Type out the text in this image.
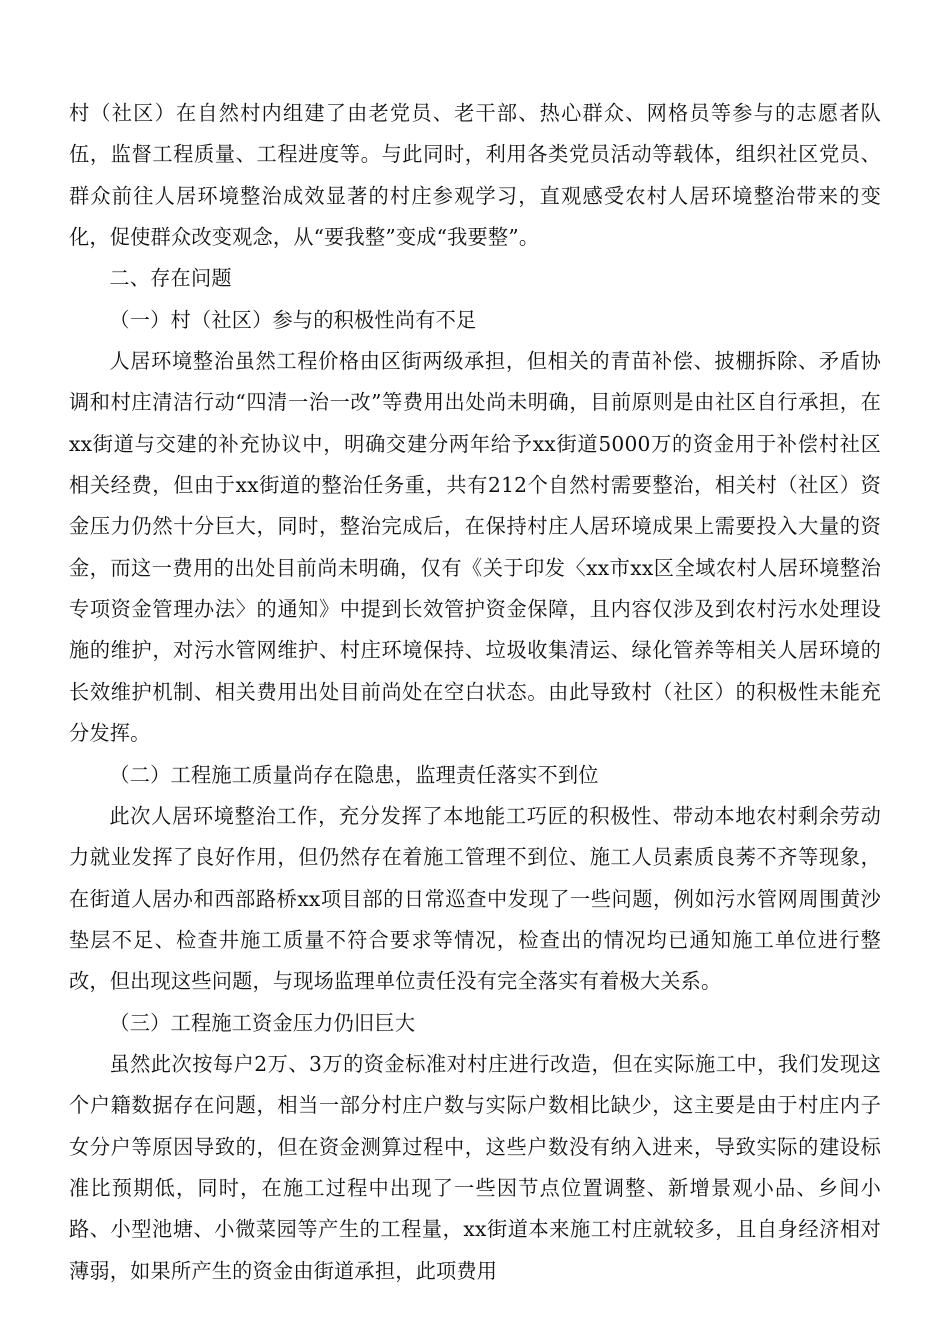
村（社区）在自然村内组建了由老党员、老干部、热心群众、网格员等参与的志愿者队伍，监督工程质量、工程进度等。与此同时，利用各类党员活动等载体，组织社区党员、群众前往人居环境整治成效显著的村庄参观学习，直观感受农村人居环境整治带来的变化，促使群众改变观念，从“要我整”变成“我要整”。

二、存在问题

（一）村（社区）参与的积极性尚有不足

人居环境整治虽然工程价格由区街两级承担，但相关的青苗补偿、披棚拆除、矛盾协调和村庄清洁行动“四清一治一改”等费用出处尚未明确，目前原则是由社区自行承担，在xx街道与交建的补充协议中，明确交建分两年给予xx街道5000万的资金用于补偿村社区相关经费，但由于xx街道的整治任务重，共有212个自然村需要整治，相关村（社区）资金压力仍然十分巨大，同时，整治完成后，在保持村庄人居环境成果上需要投入大量的资金，而这一费用的出处目前尚未明确，仅有《关于印发〈xx市xx区全域农村人居环境整治专项资金管理办法〉的通知》中提到长效管护资金保障，且内容仅涉及到农村污水处理设施的维护，对污水管网维护、村庄环境保持、垃圾收集清运、绿化管养等相关人居环境的长效维护机制、相关费用出处目前尚处在空白状态。由此导致村（社区）的积极性未能充分发挥。

（二）工程施工质量尚存在隐患，监理责任落实不到位

此次人居环境整治工作，充分发挥了本地能工巧匠的积极性、带动本地农村剩余劳动力就业发挥了良好作用，但仍然存在着施工管理不到位、施工人员素质良莠不齐等现象，在街道人居办和西部路桥xx项目部的日常巡查中发现了一些问题，例如污水管网周围黄沙垫层不足、检查井施工质量不符合要求等情况，检查出的情况均已通知施工单位进行整改，但出现这些问题，与现场监理单位责任没有完全落实有着极大关系。

（三）工程施工资金压力仍旧巨大

虽然此次按每户2万、3万的资金标准对村庄进行改造，但在实际施工中，我们发现这个户籍数据存在问题，相当一部分村庄户数与实际户数相比缺少，这主要是由于村庄内子女分户等原因导致的，但在资金测算过程中，这些户数没有纳入进来，导致实际的建设标准比预期低，同时，在施工过程中出现了一些因节点位置调整、新增景观小品、乡间小路、小型池塘、小微菜园等产生的工程量，xx街道本来施工村庄就较多，且自身经济相对薄弱，如果所产生的资金由街道承担，此项费用
